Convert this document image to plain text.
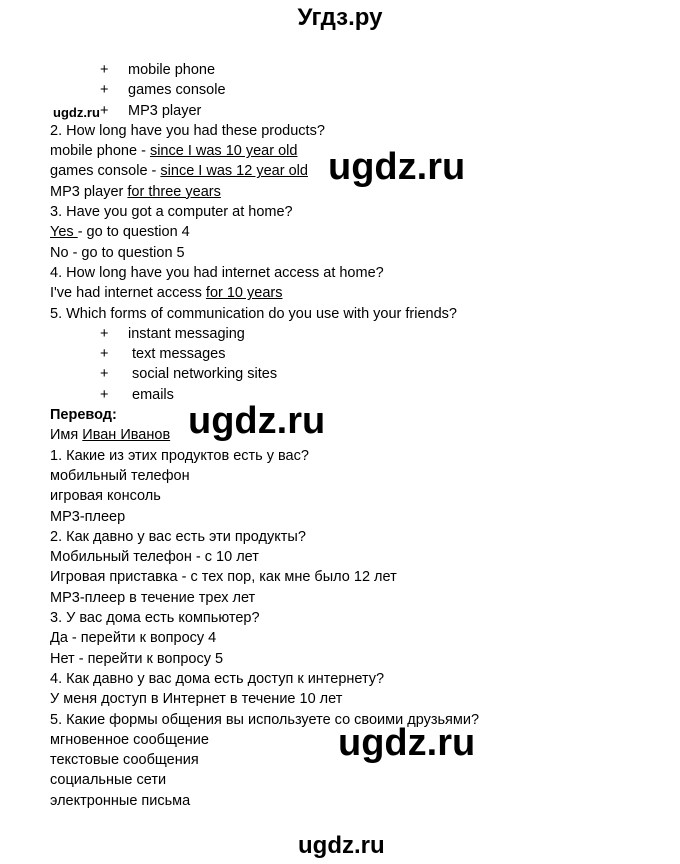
Угдз.ру
+ mobile phone
+ games console
+ MP3 player
2. How long have you had these products?
mobile phone - since I was 10 year old
games console - since I was 12 year old
MP3 player for three years
3. Have you got a computer at home?
Yes - go to question 4
No - go to question 5
4. How long have you had internet access at home?
I've had internet access for 10 years
5. Which forms of communication do you use with your friends?
+ instant messaging
+ text messages
+ social networking sites
+ emails
Перевод:
Имя Иван Иванов
1. Какие из этих продуктов есть у вас?
мобильный телефон
игровая консоль
MP3-плеер
2. Как давно у вас есть эти продукты?
Мобильный телефон - с 10 лет
Игровая приставка - с тех пор, как мне было 12 лет
MP3-плеер в течение трех лет
3. У вас дома есть компьютер?
Да - перейти к вопросу 4
Нет - перейти к вопросу 5
4. Как давно у вас дома есть доступ к интернету?
У меня доступ в Интернет в течение 10 лет
5. Какие формы общения вы используете со своими друзьями?
мгновенное сообщение
текстовые сообщения
социальные сети
электронные письма
ugdz.ru
ugdz.ru
ugdz.ru
ugdz.ru
ugdz.ru
